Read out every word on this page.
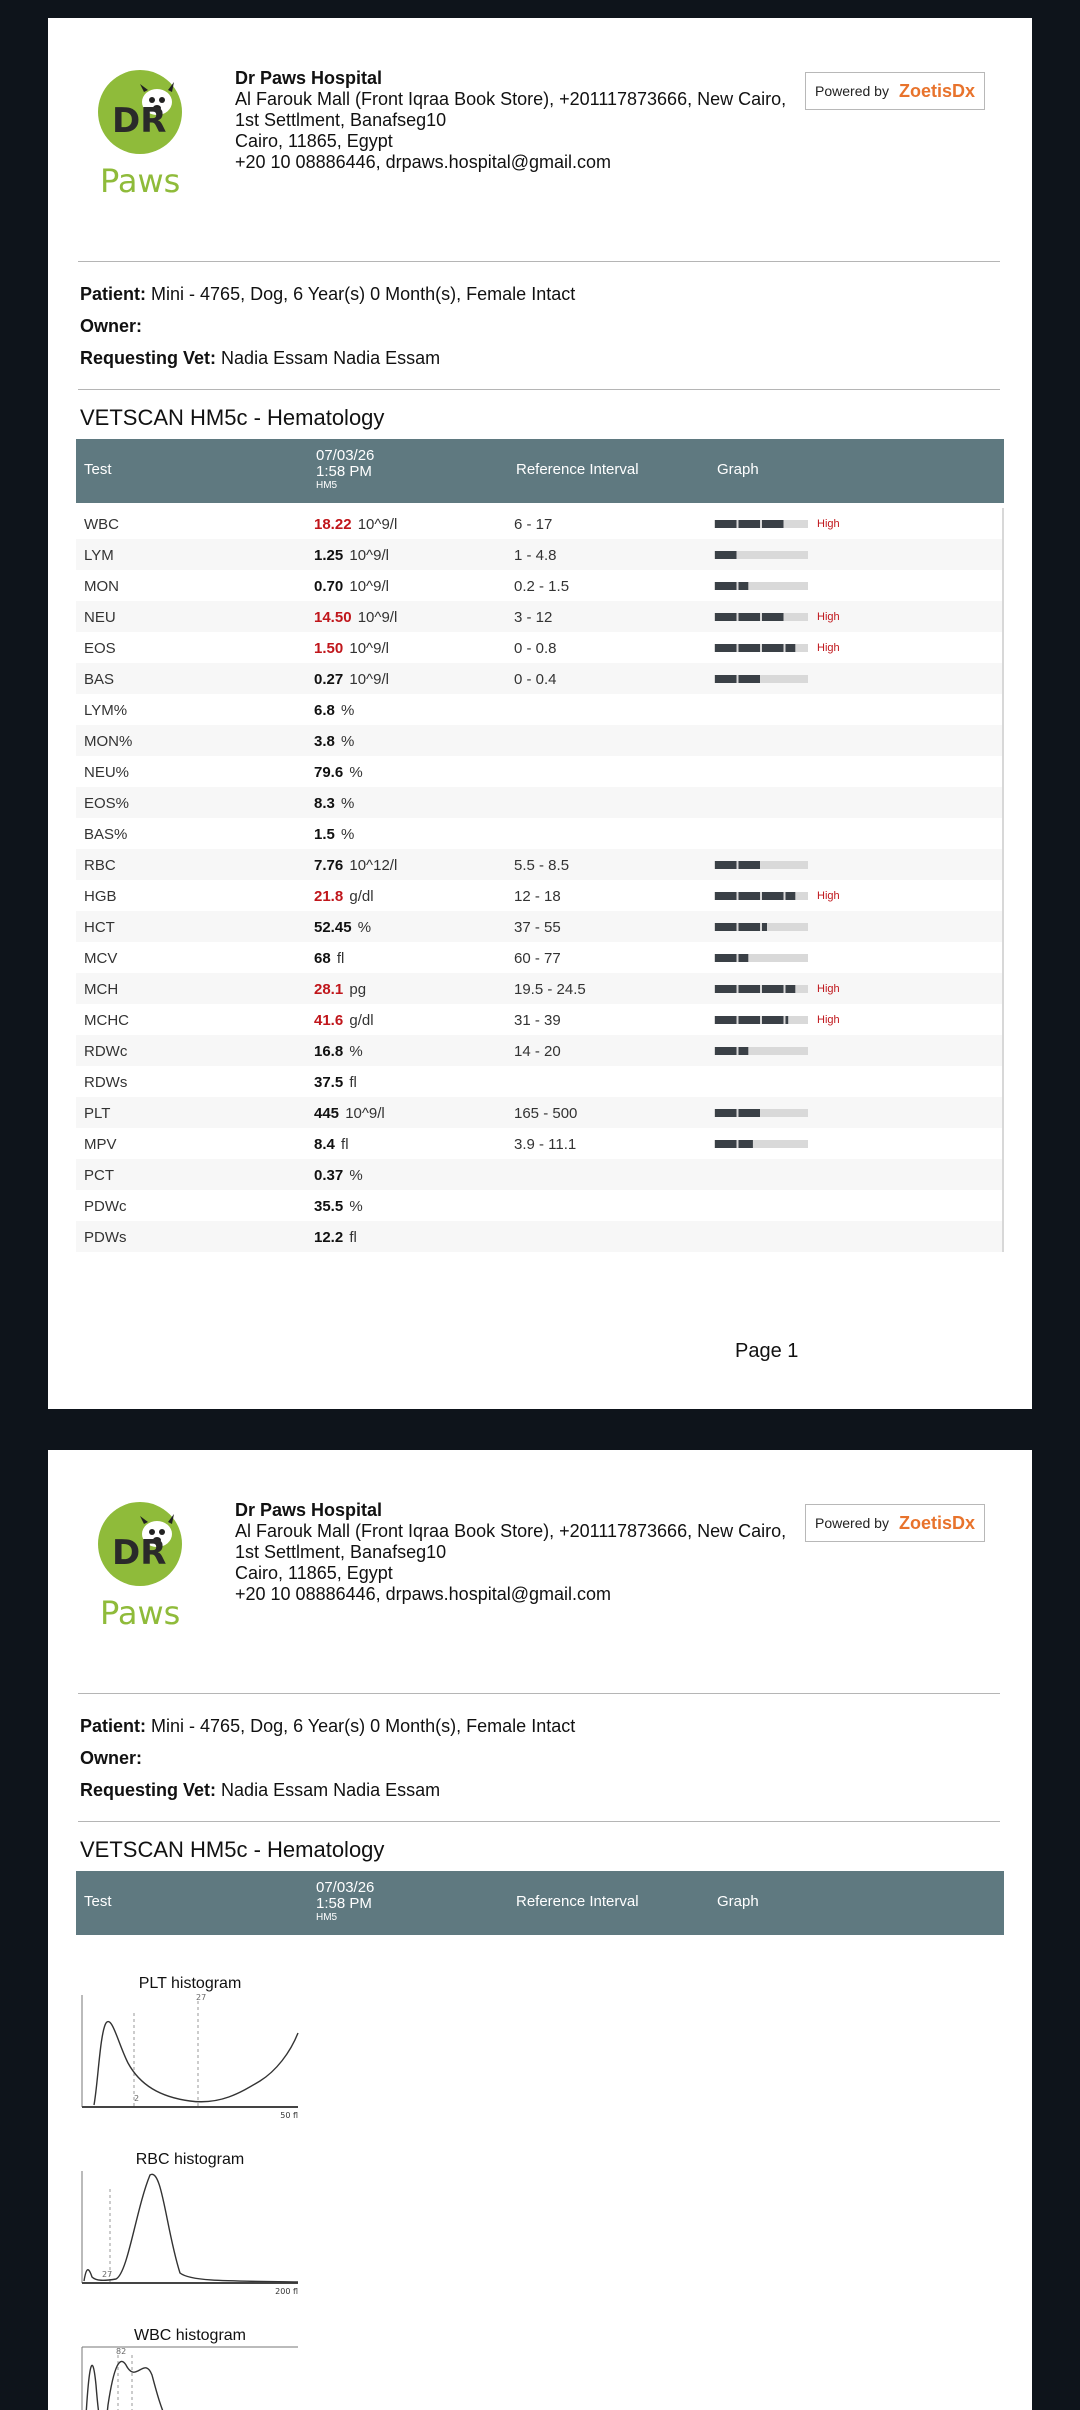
DR
Paws
Dr Paws Hospital
Al Farouk Mall (Front Iqraa Book Store), +201117873666, New Cairo,
1st Settlment, Banafseg10
Cairo, 11865, Egypt
+20 10 08886446, drpaws.hospital@gmail.com
Powered by ZoetisDx
Patient: Mini - 4765, Dog, 6 Year(s) 0 Month(s), Female Intact
Owner:
Requesting Vet: Nadia Essam Nadia Essam
VETSCAN HM5c - Hematology
Test
07/03/26
1:58 PM
HM5
Reference Interval	Graph
WBC	18.22 10^9/l	6 - 17	High
LYM	1.25 10^9/l	1 - 4.8
MON	0.70 10^9/l	0.2 - 1.5
NEU	14.50 10^9/l	3 - 12	High
EOS	1.50 10^9/l	0 - 0.8	High
BAS	0.27 10^9/l	0 - 0.4
LYM%	6.8 %
MON%	3.8 %
NEU%	79.6 %
EOS%	8.3 %
BAS%	1.5 %
RBC	7.76 10^12/l	5.5 - 8.5
HGB	21.8 g/dl	12 - 18	High
HCT	52.45 %	37 - 55
MCV	68 fl	60 - 77
MCH	28.1 pg	19.5 - 24.5	High
MCHC	41.6 g/dl	31 - 39	High
RDWc	16.8 %	14 - 20
RDWs	37.5 fl
PLT	445 10^9/l	165 - 500
MPV	8.4 fl	3.9 - 11.1
PCT	0.37 %
PDWc	35.5 %
PDWs	12.2 fl
Page 1
DR
Paws
Dr Paws Hospital
Al Farouk Mall (Front Iqraa Book Store), +201117873666, New Cairo,
1st Settlment, Banafseg10
Cairo, 11865, Egypt
+20 10 08886446, drpaws.hospital@gmail.com
Powered by ZoetisDx
Patient: Mini - 4765, Dog, 6 Year(s) 0 Month(s), Female Intact
Owner:
Requesting Vet: Nadia Essam Nadia Essam
VETSCAN HM5c - Hematology
Test
07/03/26
1:58 PM
HM5
Reference Interval	Graph
PLT histogram
2
27
50 fl
RBC histogram
27
200 fl
WBC histogram
82
